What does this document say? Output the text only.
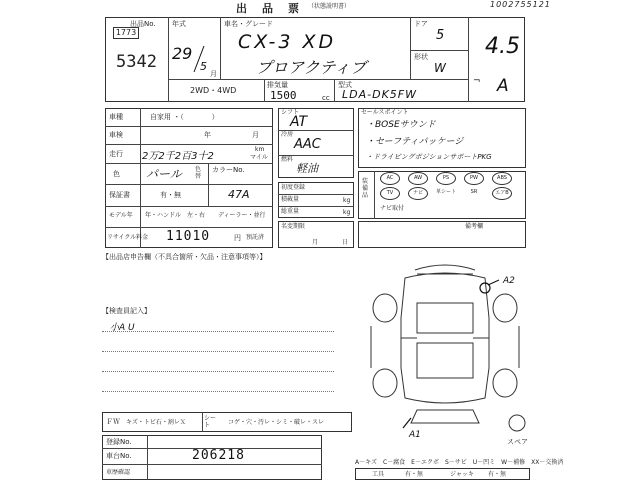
出　品　票 （状態説明書）	1002755121
出品No.
1773
5342
年式
29
5
月
車名・グレード
CX-3 XD
プロアクティブ
ドア
5
形状
W
4.5
A
¬
2WD・4WD
排気量
1500	cc
型式
LDA-DK5FW
車種	自家用 ・（　　　　）
車検	年	月
走行 2万2千2百3十2
km
マイル
色 パール 色替
カラーNo.
保証書	有・無	47A
モデル年 年・ハンドル　左・右 ディーラー・並行
リサイクル料金 11010	円 預託済
【出品店申告欄（不具合箇所・欠品・注意事項等）】
シフト
AT
冷房
AAC
燃料
軽油
初度登録
積載量	kg
総重量	kg
名変期限
月	日
セールスポイント
・BOSEサウンド
・セーフティパッケージ
・ドライビングポジションサポートPKG
装備品
AC	AW	PS	PW	ABS
TV	ナビ	革シート	SR	エアB
ナビ取付
備考欄
【検査員記入】
小A U
A2
A1
スペア
ＦＷ キズ・トビ石・割レＸ
シート	コゲ・穴・汚レ・シミ・破レ・スレ
登録No.
車台No.	206218
車歴確認
A－キズ　C－腐食　E－エクボ　S－サビ　U－凹ミ　W－補修　XX－交換済
工具	有・無	ジャッキ 有・無
